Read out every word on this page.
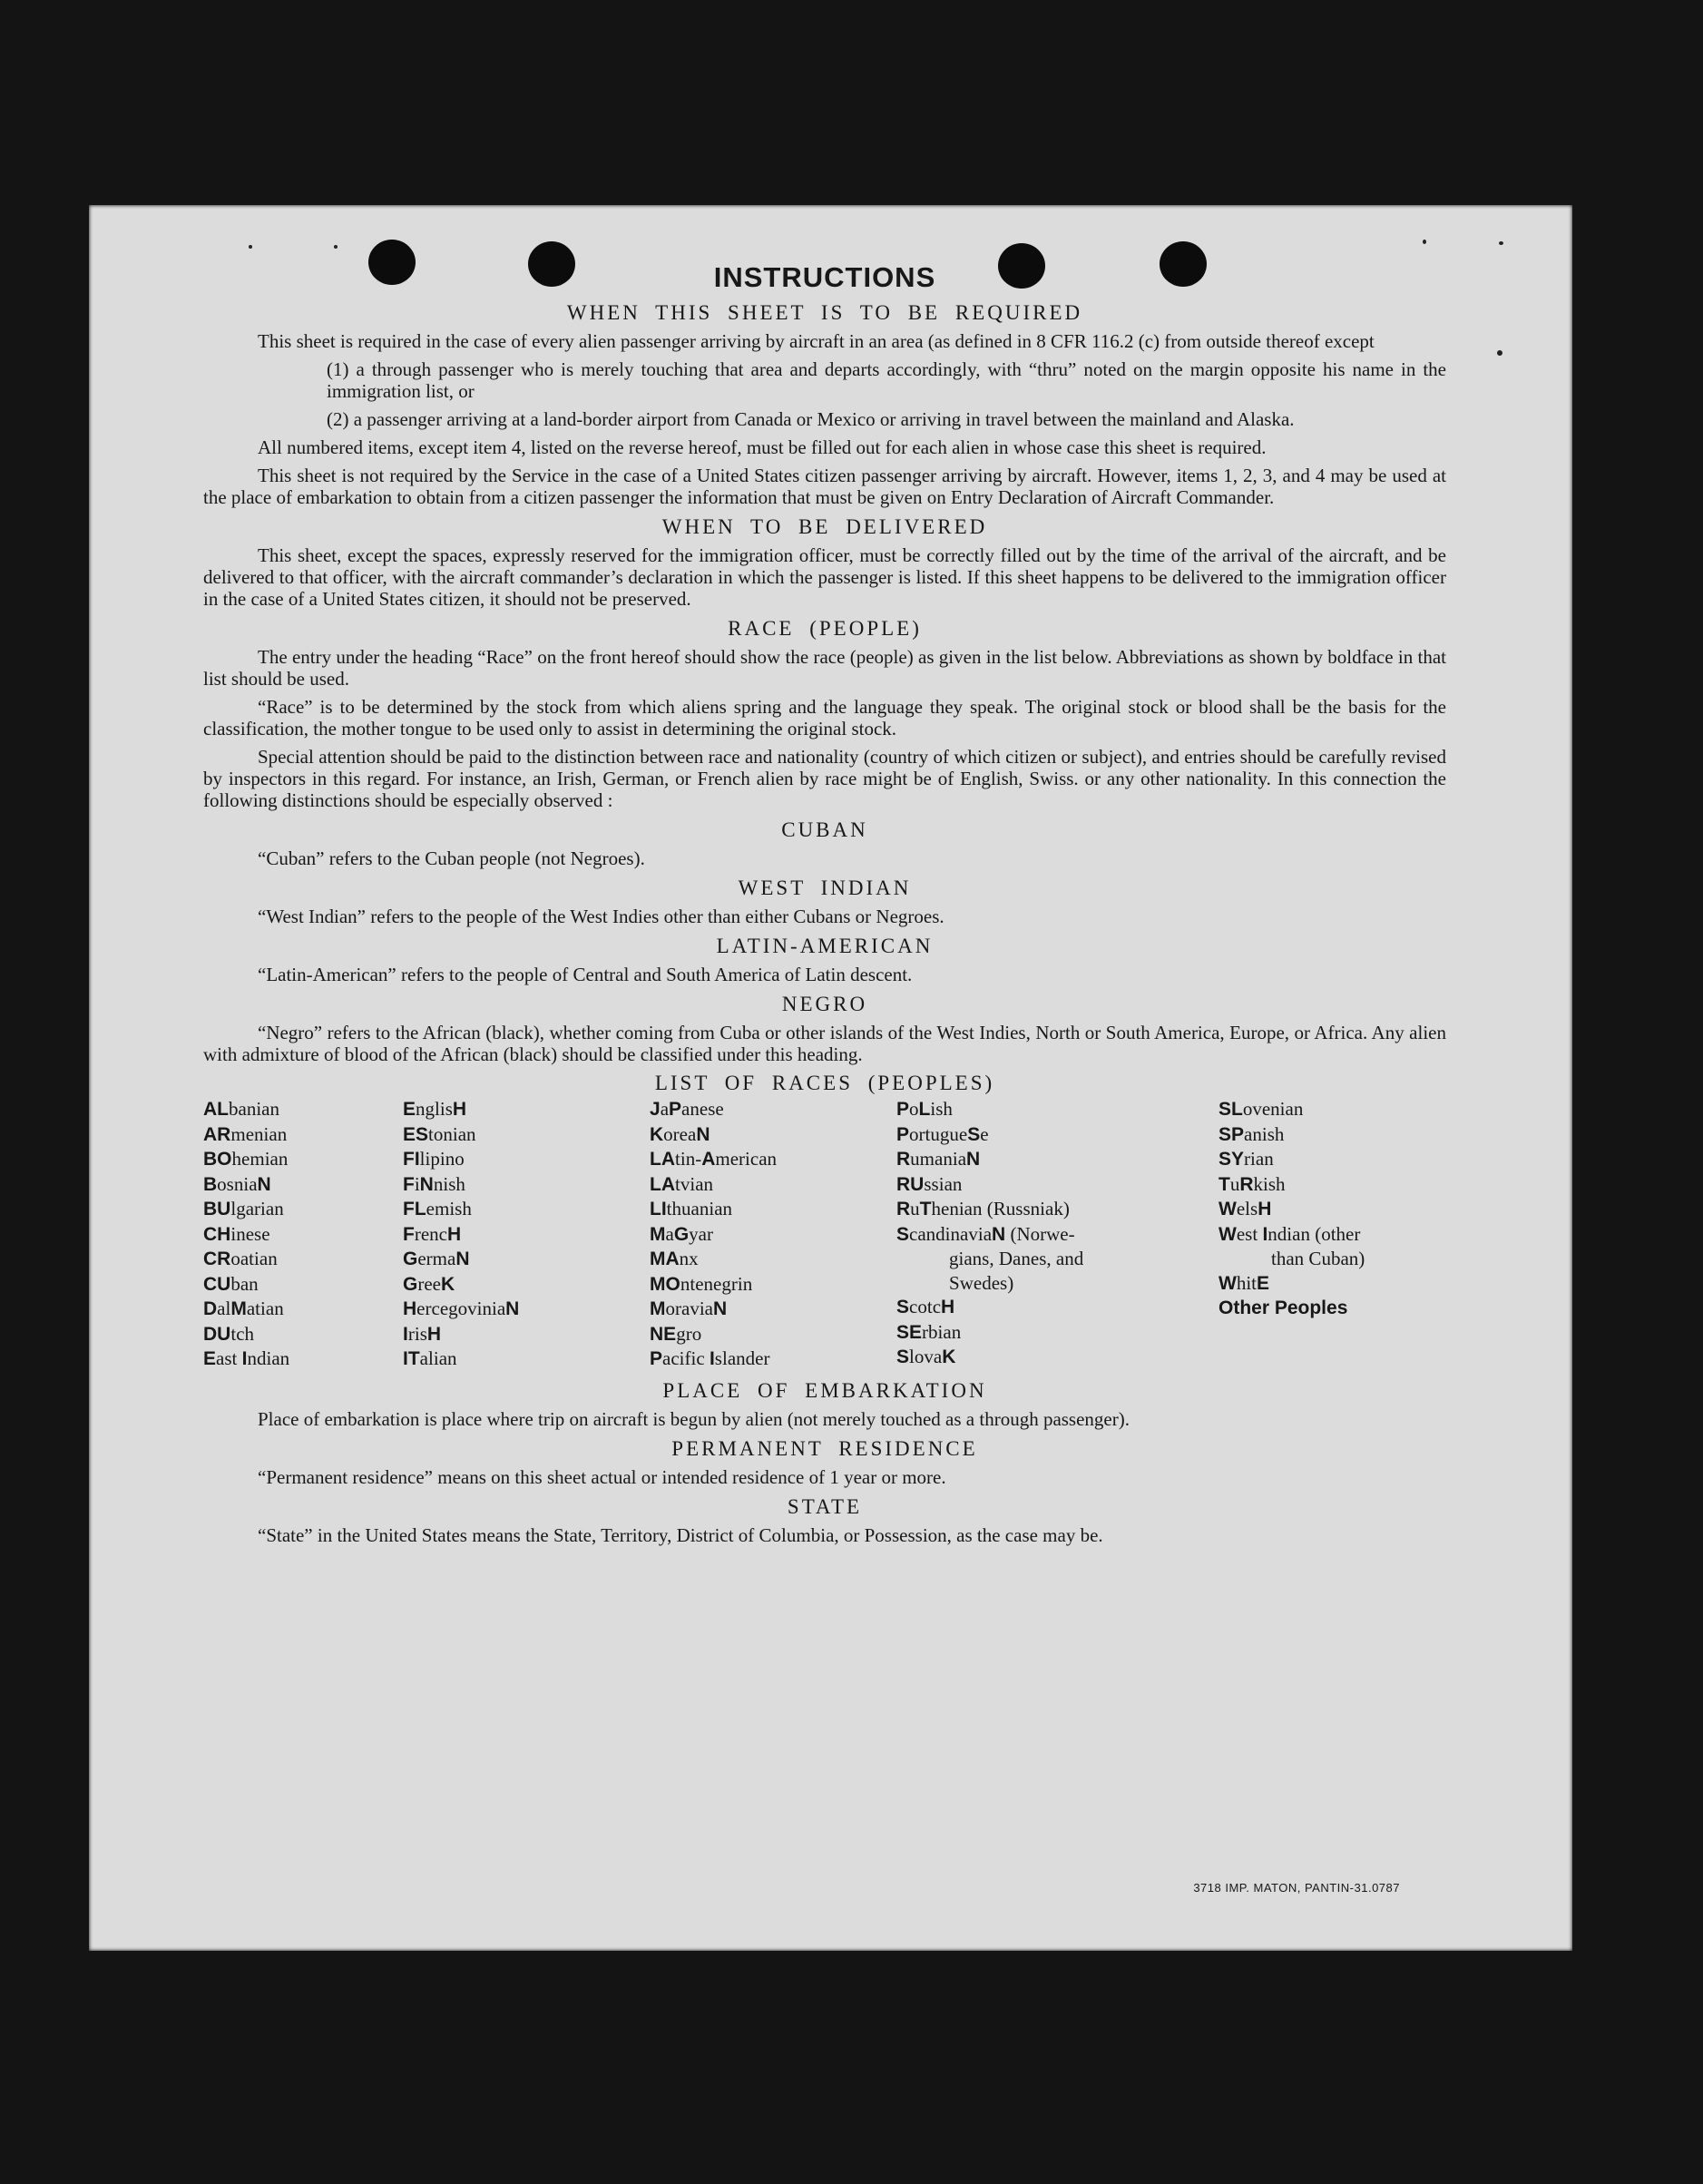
INSTRUCTIONS
WHEN THIS SHEET IS TO BE REQUIRED

This sheet is required in the case of every alien passenger arriving by aircraft in an area (as defined in 8 CFR 116.2 (c) from outside thereof except

(1) a through passenger who is merely touching that area and departs accordingly, with “thru” noted on the margin opposite his name in the immigration list, or

(2) a passenger arriving at a land-border airport from Canada or Mexico or arriving in travel between the mainland and Alaska.

All numbered items, except item 4, listed on the reverse hereof, must be filled out for each alien in whose case this sheet is required.

This sheet is not required by the Service in the case of a United States citizen passenger arriving by aircraft. However, items 1, 2, 3, and 4 may be used at the place of embarkation to obtain from a citizen passenger the information that must be given on Entry Declaration of Aircraft Commander.

WHEN TO BE DELIVERED

This sheet, except the spaces, expressly reserved for the immigration officer, must be correctly filled out by the time of the arrival of the aircraft, and be delivered to that officer, with the aircraft commander’s declaration in which the passenger is listed. If this sheet happens to be delivered to the immigration officer in the case of a United States citizen, it should not be preserved.

RACE (PEOPLE)

The entry under the heading “Race” on the front hereof should show the race (people) as given in the list below. Abbreviations as shown by boldface in that list should be used.

“Race” is to be determined by the stock from which aliens spring and the language they speak. The original stock or blood shall be the basis for the classification, the mother tongue to be used only to assist in determining the original stock.

Special attention should be paid to the distinction between race and nationality (country of which citizen or subject), and entries should be carefully revised by inspectors in this regard. For instance, an Irish, German, or French alien by race might be of English, Swiss. or any other nationality. In this connection the following distinctions should be especially observed :

CUBAN

“Cuban” refers to the Cuban people (not Negroes).

WEST INDIAN

“West Indian” refers to the people of the West Indies other than either Cubans or Negroes.

LATIN-AMERICAN

“Latin-American” refers to the people of Central and South America of Latin descent.

NEGRO

“Negro” refers to the African (black), whether coming from Cuba or other islands of the West Indies, North or South America, Europe, or Africa. Any alien with admixture of blood of the African (black) should be classified under this heading.

LIST OF RACES (PEOPLES)
ALbanian
ARmenian
BOhemian
BosniaN
BUlgarian
CHinese
CRoatian
CUban
DalMatian
DUtch
East Indian
EnglisH
EStonian
FIlipino
FiNnish
FLemish
FrencH
GermaN
GreeK
HercegoviniaN
IrisH
ITalian
JaPanese
KoreaN
LAtin-American
LAtvian
LIthuanian
MaGyar
MAnx
MOntenegrin
MoraviaN
NEgro
Pacific Islander
PoLish
PortugueSe
RumaniaN
RUssian
RuThenian (Russniak)
ScandinaviaN (Norwe-
gians, Danes, and
Swedes)
ScotcH
SErbian
SlovaK
SLovenian
SPanish
SYrian
TuRkish
WelsH
West Indian (other
than Cuban)
WhitE
Other Peoples
PLACE OF EMBARKATION

Place of embarkation is place where trip on aircraft is begun by alien (not merely touched as a through passenger).

PERMANENT RESIDENCE

“Permanent residence” means on this sheet actual or intended residence of 1 year or more.

STATE

“State” in the United States means the State, Territory, District of Columbia, or Possession, as the case may be.

3718 IMP. MATON, PANTIN-31.0787
